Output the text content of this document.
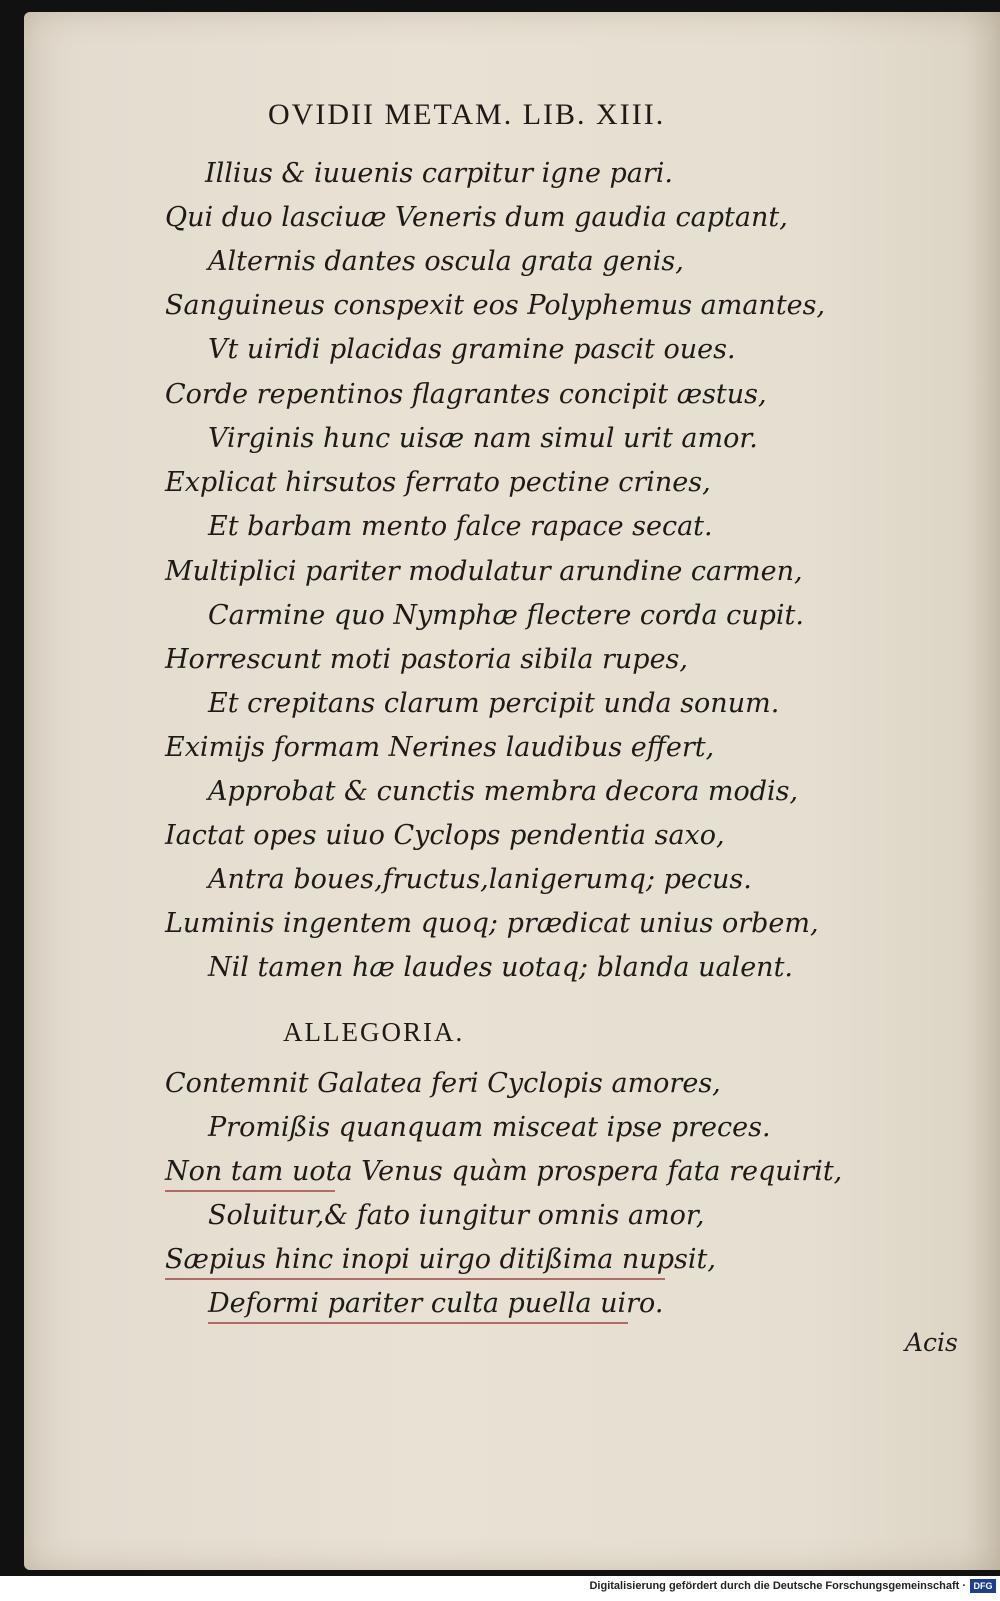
OVIDII METAM. LIB. XIII.
Illius & iuuenis carpitur igne pari.
Qui duo lasciuæ Veneris dum gaudia captant,
Alternis dantes oscula grata genis,
Sanguineus conspexit eos Polyphemus amantes,
Vt uiridi placidas gramine pascit oues.
Corde repentinos flagrantes concipit æstus,
Virginis hunc uisæ nam simul urit amor.
Explicat hirsutos ferrato pectine crines,
Et barbam mento falce rapace secat.
Multiplici pariter modulatur arundine carmen,
Carmine quo Nymphæ flectere corda cupit.
Horrescunt moti pastoria sibila rupes,
Et crepitans clarum percipit unda sonum.
Eximijs formam Nerines laudibus effert,
Approbat & cunctis membra decora modis,
Iactat opes uiuo Cyclops pendentia saxo,
Antra boues,fructus,lanigerumq; pecus.
Luminis ingentem quoq; prædicat unius orbem,
Nil tamen hæ laudes uotaq; blanda ualent.
ALLEGORIA.
Contemnit Galatea feri Cyclopis amores,
Promißis quanquam misceat ipse preces.
Non tam uota Venus quàm prospera fata requirit,
Soluitur,& fato iungitur omnis amor,
Sæpius hinc inopi uirgo ditißima nupsit,
Deformi pariter culta puella uiro.
Acis
Digitalisierung gefördert durch die Deutsche Forschungsgemeinschaft · DFG
